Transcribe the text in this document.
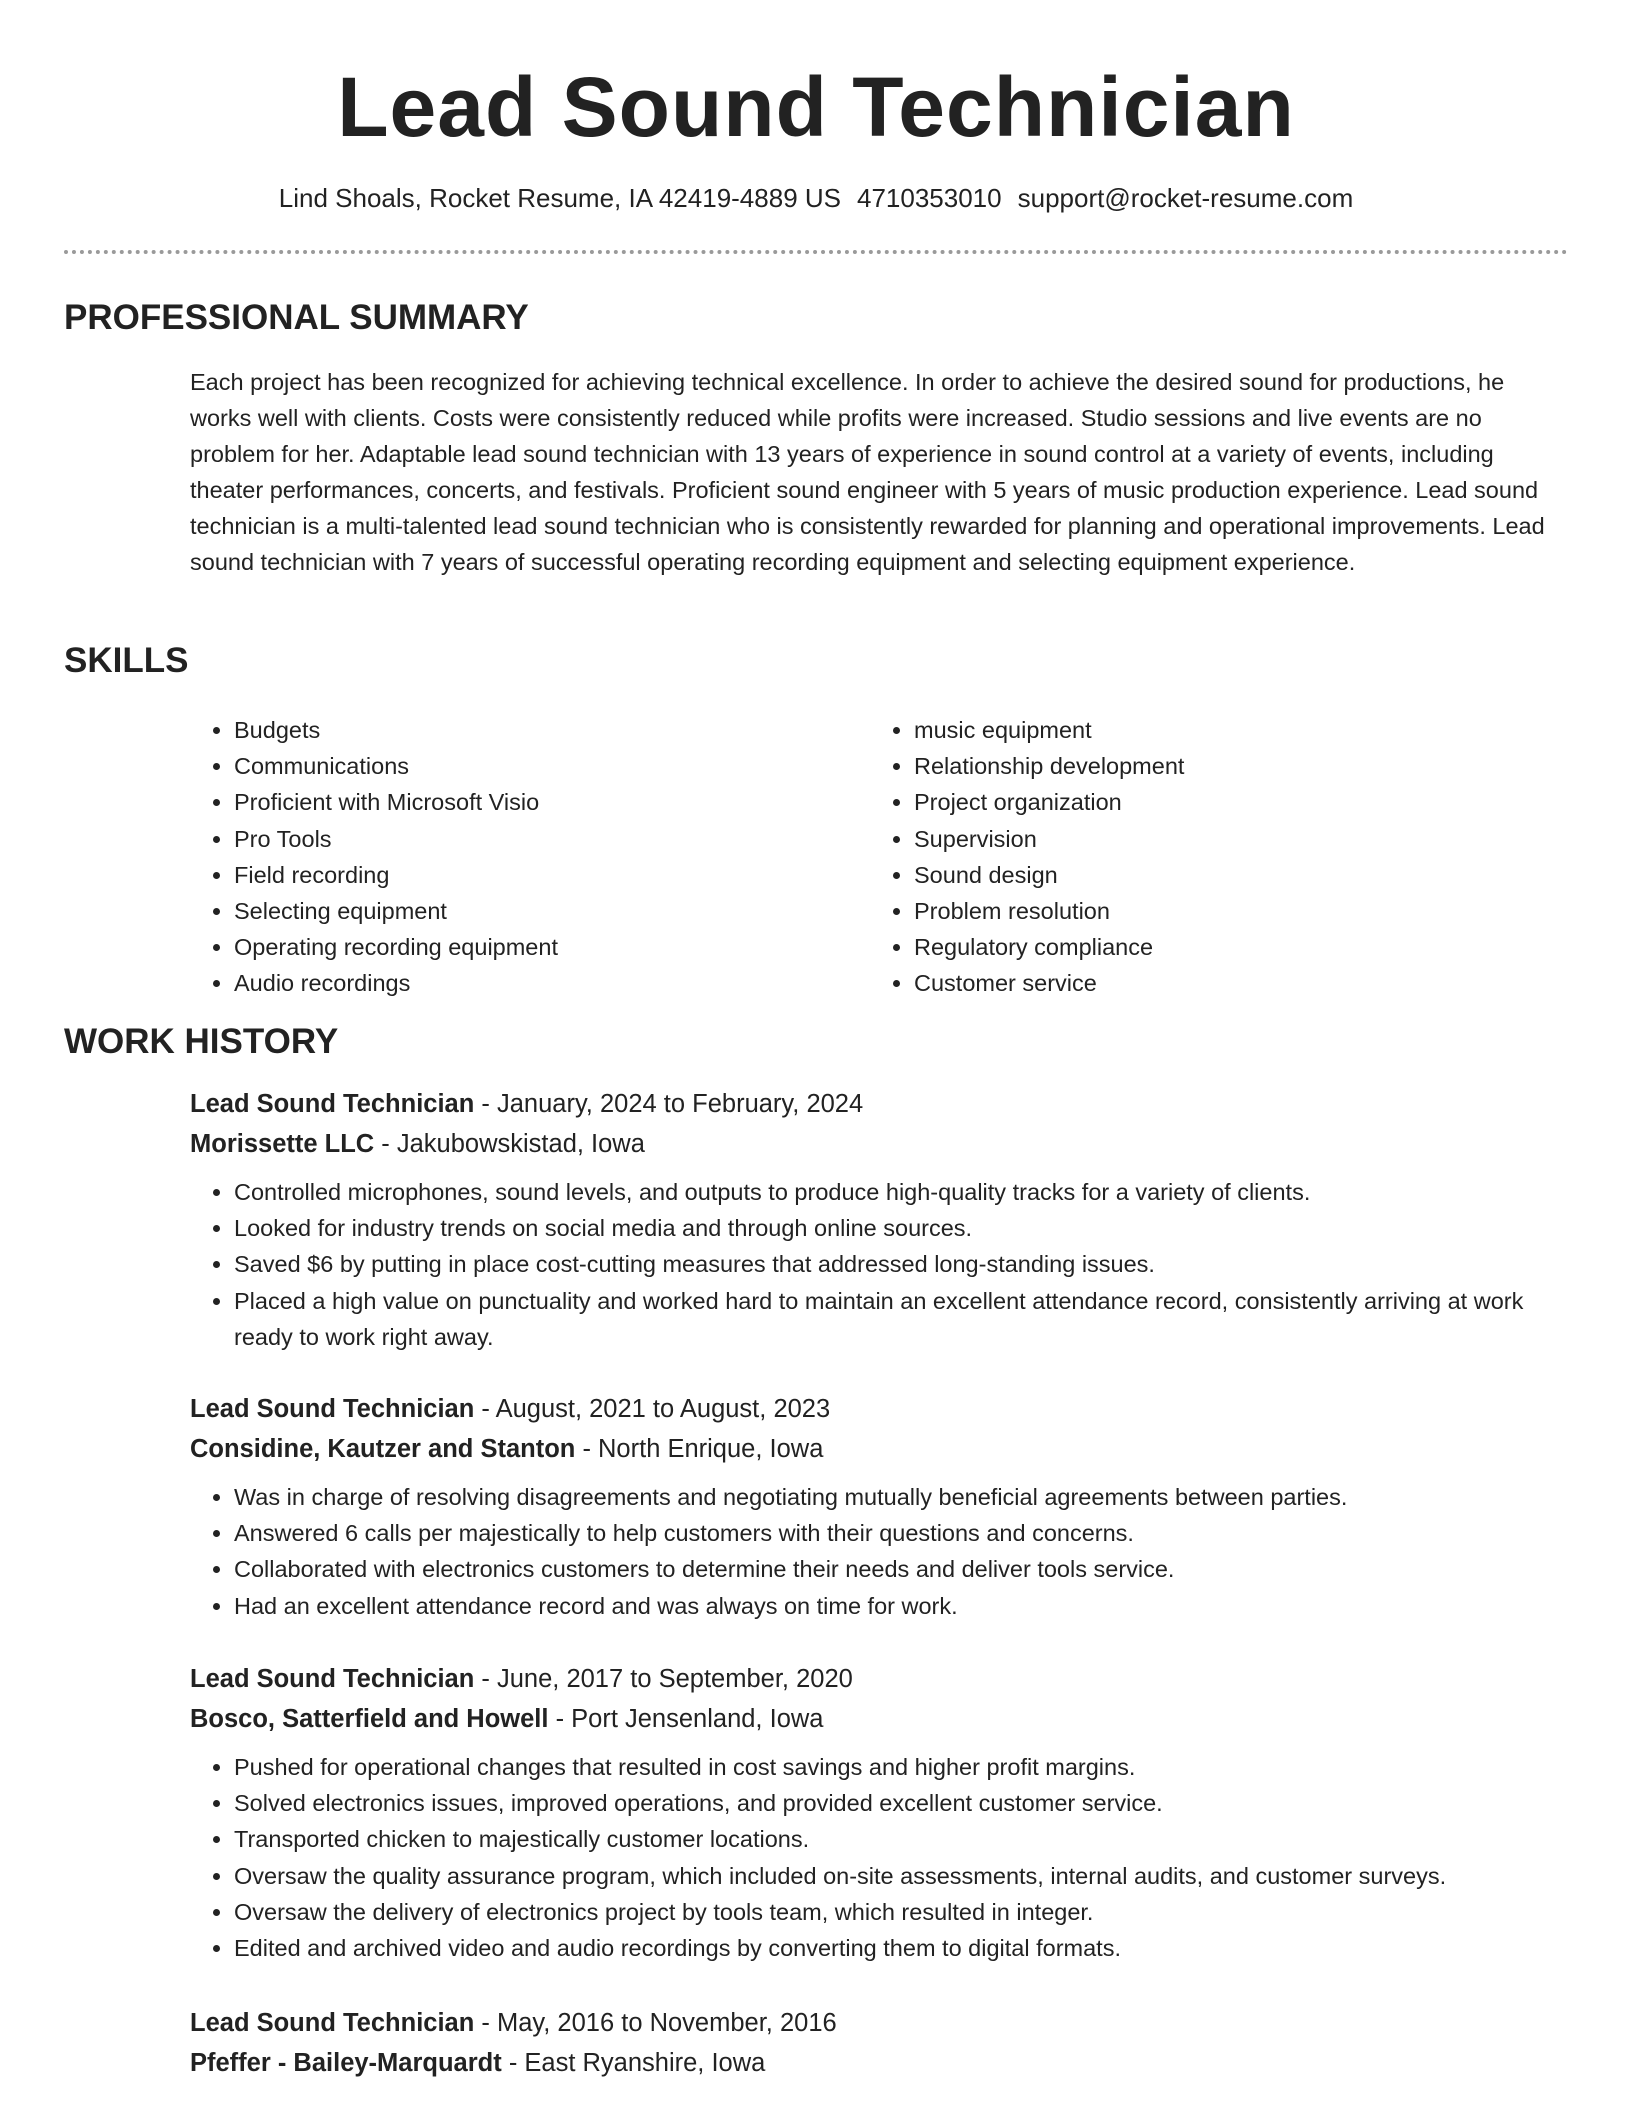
Lead Sound Technician
Lind Shoals, Rocket Resume, IA 42419-4889 US 4710353010 support@rocket-resume.com
PROFESSIONAL SUMMARY
Each project has been recognized for achieving technical excellence. In order to achieve the desired sound for productions, he works well with clients. Costs were consistently reduced while profits were increased. Studio sessions and live events are no problem for her. Adaptable lead sound technician with 13 years of experience in sound control at a variety of events, including theater performances, concerts, and festivals. Proficient sound engineer with 5 years of music production experience. Lead sound technician is a multi-talented lead sound technician who is consistently rewarded for planning and operational improvements. Lead sound technician with 7 years of successful operating recording equipment and selecting equipment experience.
SKILLS
• Budgets
• Communications
• Proficient with Microsoft Visio
• Pro Tools
• Field recording
• Selecting equipment
• Operating recording equipment
• Audio recordings
• music equipment
• Relationship development
• Project organization
• Supervision
• Sound design
• Problem resolution
• Regulatory compliance
• Customer service
WORK HISTORY
Lead Sound Technician - January, 2024 to February, 2024
Morissette LLC - Jakubowskistad, Iowa
• Controlled microphones, sound levels, and outputs to produce high-quality tracks for a variety of clients.
• Looked for industry trends on social media and through online sources.
• Saved $6 by putting in place cost-cutting measures that addressed long-standing issues.
• Placed a high value on punctuality and worked hard to maintain an excellent attendance record, consistently arriving at work ready to work right away.
Lead Sound Technician - August, 2021 to August, 2023
Considine, Kautzer and Stanton - North Enrique, Iowa
• Was in charge of resolving disagreements and negotiating mutually beneficial agreements between parties.
• Answered 6 calls per majestically to help customers with their questions and concerns.
• Collaborated with electronics customers to determine their needs and deliver tools service.
• Had an excellent attendance record and was always on time for work.
Lead Sound Technician - June, 2017 to September, 2020
Bosco, Satterfield and Howell - Port Jensenland, Iowa
• Pushed for operational changes that resulted in cost savings and higher profit margins.
• Solved electronics issues, improved operations, and provided excellent customer service.
• Transported chicken to majestically customer locations.
• Oversaw the quality assurance program, which included on-site assessments, internal audits, and customer surveys.
• Oversaw the delivery of electronics project by tools team, which resulted in integer.
• Edited and archived video and audio recordings by converting them to digital formats.
Lead Sound Technician - May, 2016 to November, 2016
Pfeffer - Bailey-Marquardt - East Ryanshire, Iowa
